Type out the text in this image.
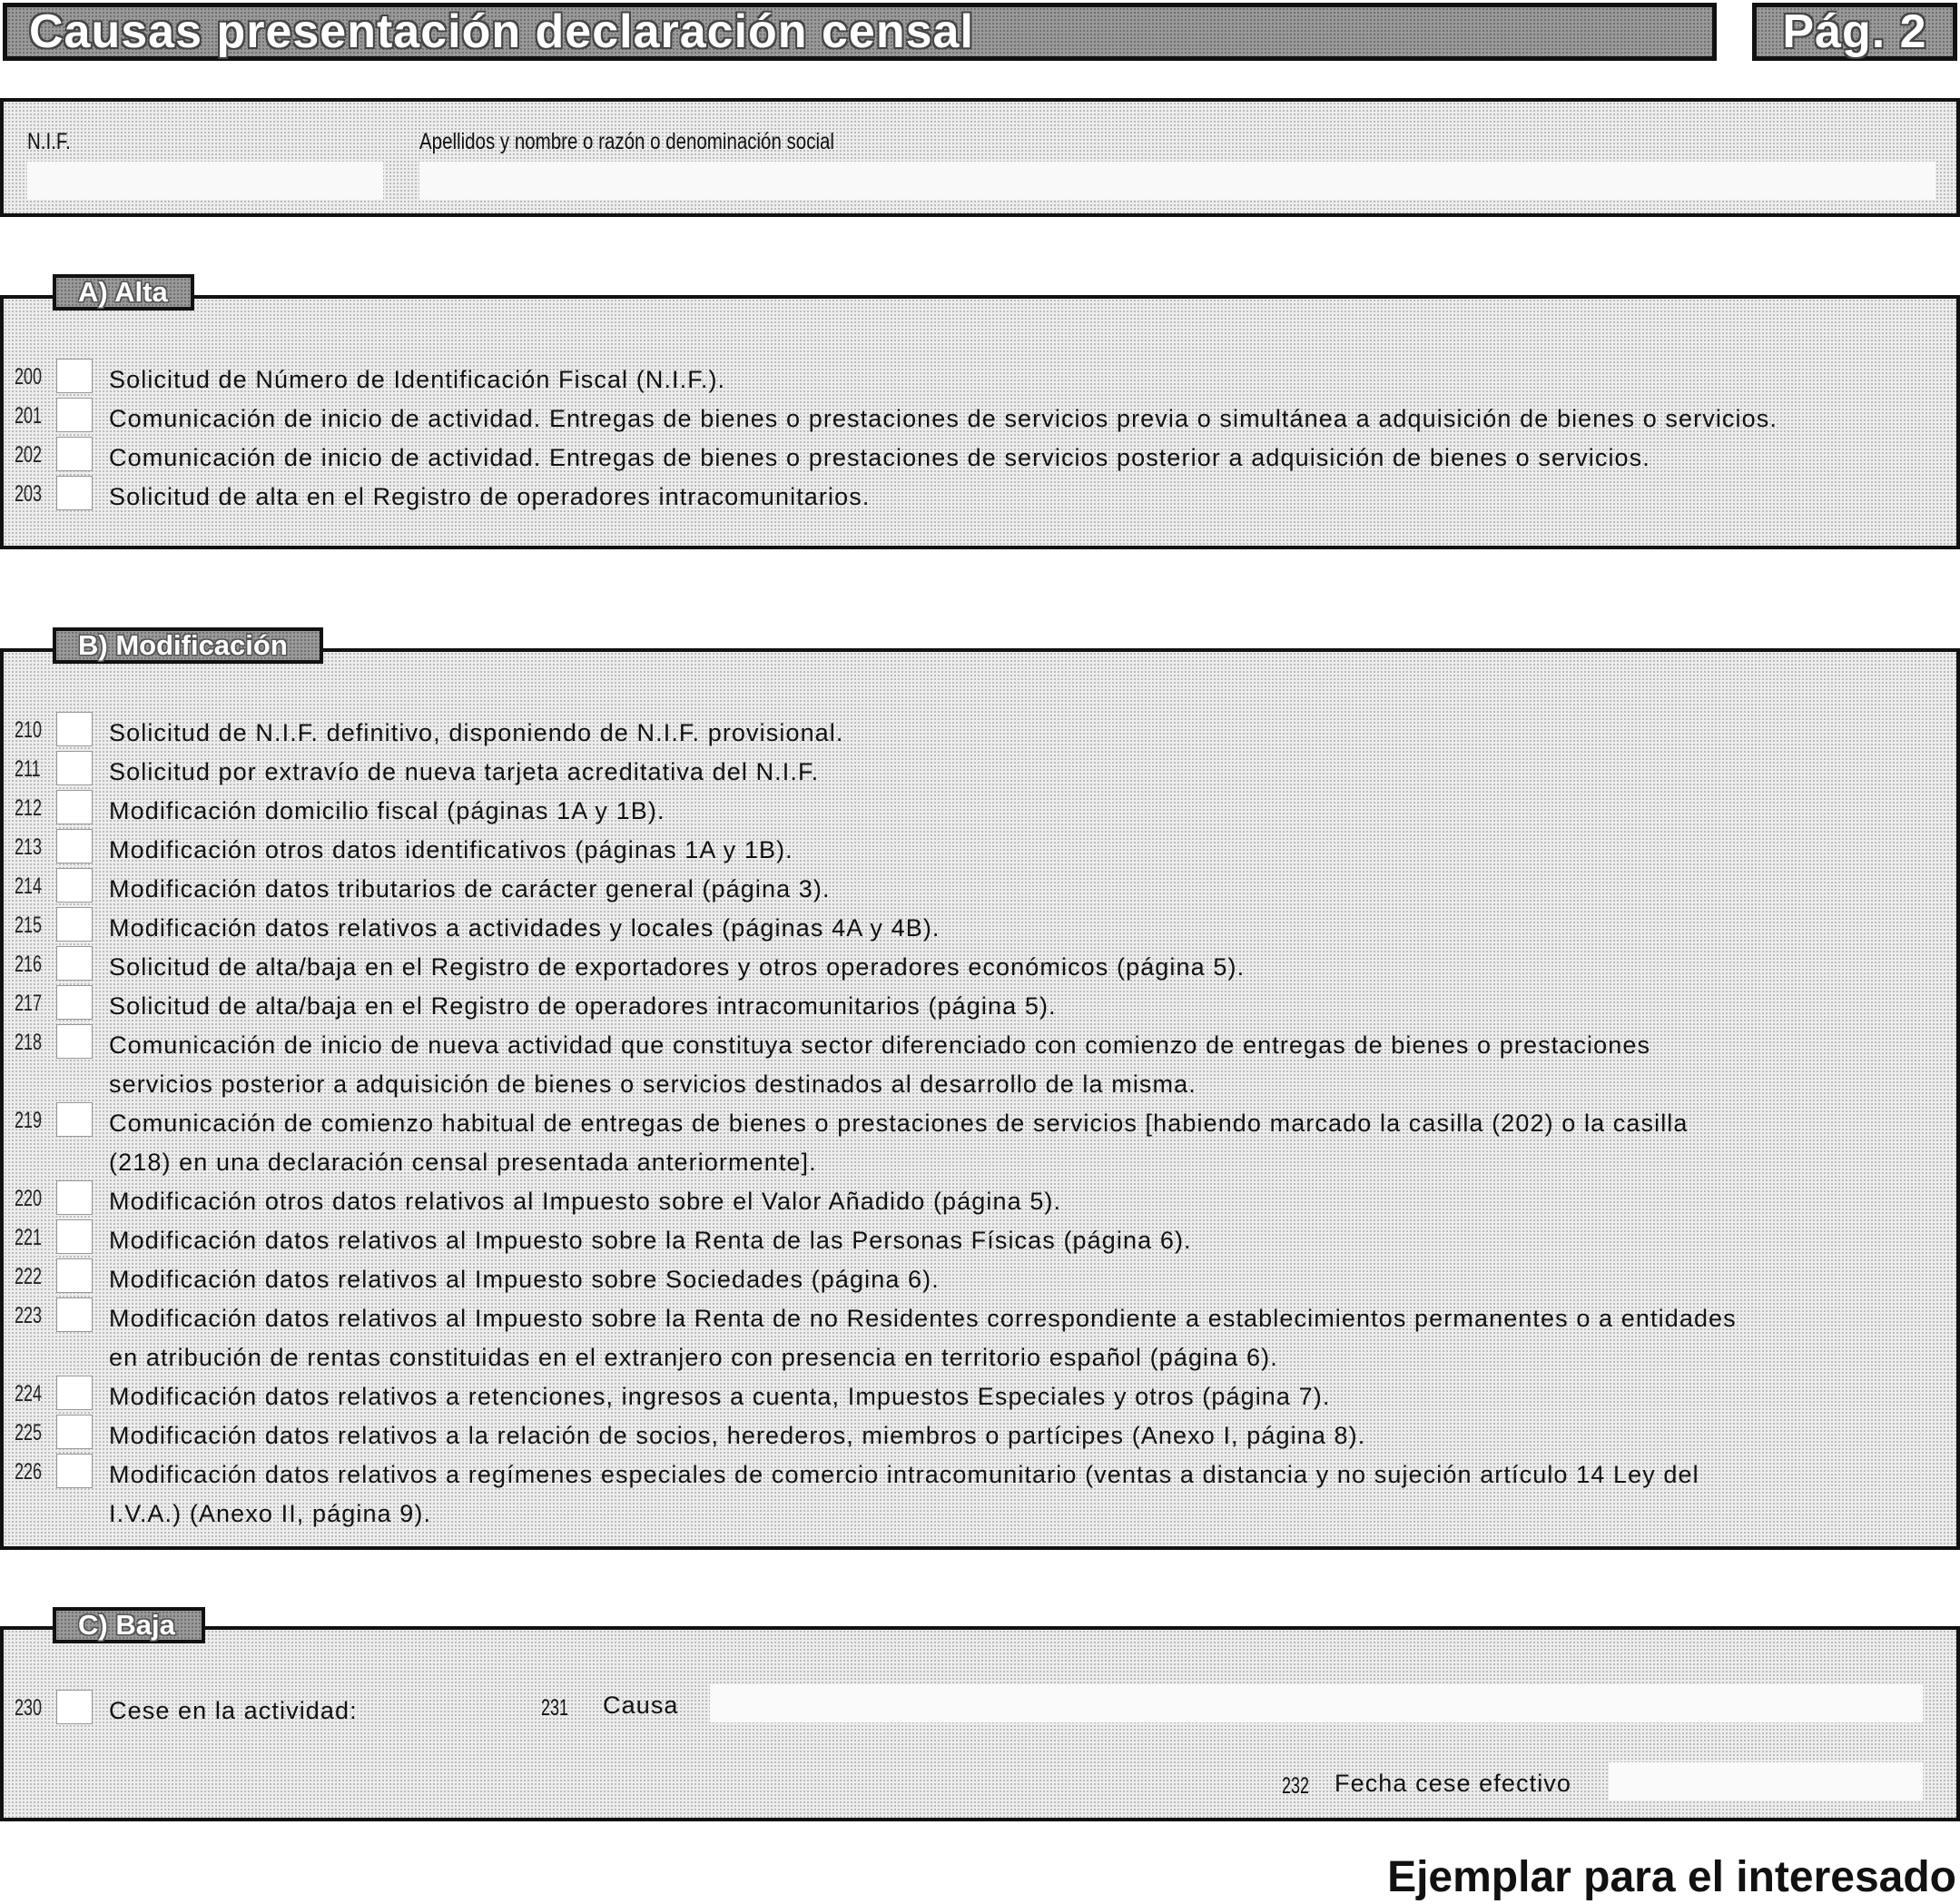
Causas presentación declaración censal	Pág. 2
N.I.F.	Apellidos y nombre o razón o denominación social
200	Solicitud de Número de Identificación Fiscal (N.I.F.).
201	Comunicación de inicio de actividad. Entregas de bienes o prestaciones de servicios previa o simultánea a adquisición de bienes o servicios.
202	Comunicación de inicio de actividad. Entregas de bienes o prestaciones de servicios posterior a adquisición de bienes o servicios.
203	Solicitud de alta en el Registro de operadores intracomunitarios.
A) Alta
210	Solicitud de N.I.F. definitivo, disponiendo de N.I.F. provisional.
211	Solicitud por extravío de nueva tarjeta acreditativa del N.I.F.
212	Modificación domicilio fiscal (páginas 1A y 1B).
213	Modificación otros datos identificativos (páginas 1A y 1B).
214	Modificación datos tributarios de carácter general (página 3).
215	Modificación datos relativos a actividades y locales (páginas 4A y 4B).
216	Solicitud de alta/baja en el Registro de exportadores y otros operadores económicos (página 5).
217	Solicitud de alta/baja en el Registro de operadores intracomunitarios (página 5).
218	Comunicación de inicio de nueva actividad que constituya sector diferenciado con comienzo de entregas de bienes o prestaciones
servicios posterior a adquisición de bienes o servicios destinados al desarrollo de la misma.
219	Comunicación de comienzo habitual de entregas de bienes o prestaciones de servicios [habiendo marcado la casilla (202) o la casilla
(218) en una declaración censal presentada anteriormente].
220	Modificación otros datos relativos al Impuesto sobre el Valor Añadido (página 5).
221	Modificación datos relativos al Impuesto sobre la Renta de las Personas Físicas (página 6).
222	Modificación datos relativos al Impuesto sobre Sociedades (página 6).
223	Modificación datos relativos al Impuesto sobre la Renta de no Residentes correspondiente a establecimientos permanentes o a entidades
en atribución de rentas constituidas en el extranjero con presencia en territorio español (página 6).
224	Modificación datos relativos a retenciones, ingresos a cuenta, Impuestos Especiales y otros (página 7).
225	Modificación datos relativos a la relación de socios, herederos, miembros o partícipes (Anexo I, página 8).
226	Modificación datos relativos a regímenes especiales de comercio intracomunitario (ventas a distancia y no sujeción artículo 14 Ley del
I.V.A.) (Anexo II, página 9).
B) Modificación
230	Cese en la actividad:	231 Causa
232 Fecha cese efectivo
C) Baja
Ejemplar para el interesado
